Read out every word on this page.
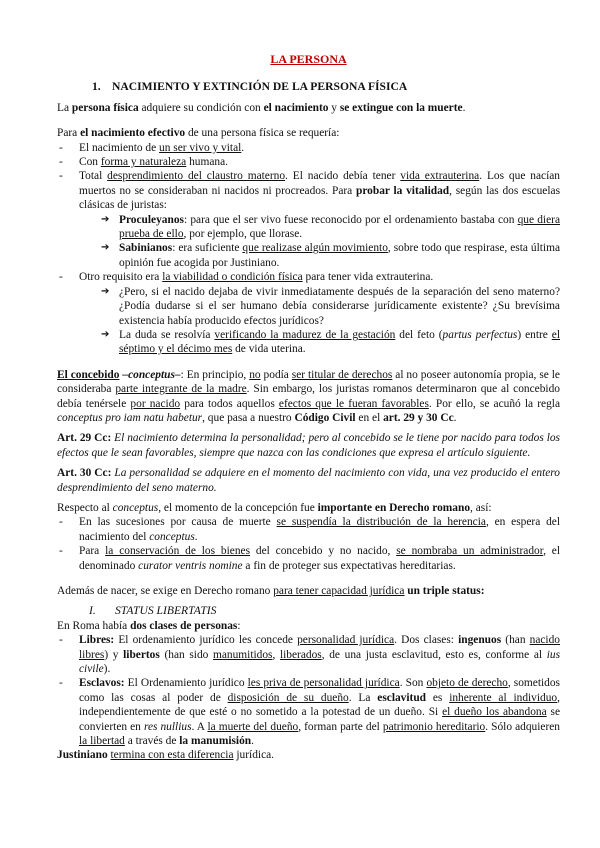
LA PERSONA
1. NACIMIENTO Y EXTINCIÓN DE LA PERSONA FÍSICA

La persona física adquiere su condición con el nacimiento y se extingue con la muerte.

Para el nacimiento efectivo de una persona física se requería:

- El nacimiento de un ser vivo y vital.
- Con forma y naturaleza humana.
- Total desprendimiento del claustro materno. El nacido debía tener vida extrauterina. Los que nacían muertos no se consideraban ni nacidos ni procreados. Para probar la vitalidad, según las dos escuelas clásicas de juristas:
➔ Proculeyanos: para que el ser vivo fuese reconocido por el ordenamiento bastaba con que diera prueba de ello, por ejemplo, que llorase.
➔ Sabinianos: era suficiente que realizase algún movimiento, sobre todo que respirase, esta última opinión fue acogida por Justiniano.
- Otro requisito era la viabilidad o condición física para tener vida extrauterina.
➔ ¿Pero, si el nacido dejaba de vivir inmediatamente después de la separación del seno materno? ¿Podía dudarse si el ser humano debía considerarse jurídicamente existente? ¿Su brevísima existencia había producido efectos jurídicos?
➔ La duda se resolvía verificando la madurez de la gestación del feto (partus perfectus) entre el séptimo y el décimo mes de vida uterina.

El concebido –conceptus–: En principio, no podía ser titular de derechos al no poseer autonomía propia, se le consideraba parte integrante de la madre. Sin embargo, los juristas romanos determinaron que al concebido debía tenérsele por nacido para todos aquellos efectos que le fueran favorables. Por ello, se acuñó la regla conceptus pro iam natu habetur, que pasa a nuestro Código Civil en el art. 29 y 30 Cc.

Art. 29 Cc: El nacimiento determina la personalidad; pero al concebido se le tiene por nacido para todos los efectos que le sean favorables, siempre que nazca con las condiciones que expresa el artículo siguiente.

Art. 30 Cc: La personalidad se adquiere en el momento del nacimiento con vida, una vez producido el entero desprendimiento del seno materno.

Respecto al conceptus, el momento de la concepción fue importante en Derecho romano, así:

- En las sucesiones por causa de muerte se suspendía la distribución de la herencia, en espera del nacimiento del conceptus.
- Para la conservación de los bienes del concebido y no nacido, se nombraba un administrador, el denominado curator ventris nomine a fin de proteger sus expectativas hereditarias.

Además de nacer, se exige en Derecho romano para tener capacidad jurídica un triple status:

I. STATUS LIBERTATIS

En Roma había dos clases de personas:

- Libres: El ordenamiento jurídico les concede personalidad jurídica. Dos clases: ingenuos (han nacido libres) y libertos (han sido manumitidos, liberados, de una justa esclavitud, esto es, conforme al ius civile).
- Esclavos: El Ordenamiento jurídico les priva de personalidad jurídica. Son objeto de derecho, sometidos como las cosas al poder de disposición de su dueño. La esclavitud es inherente al individuo, independientemente de que esté o no sometido a la potestad de un dueño. Si el dueño los abandona se convierten en res nullius. A la muerte del dueño, forman parte del patrimonio hereditario. Sólo adquieren la libertad a través de la manumisión.

Justiniano termina con esta diferencia jurídica.
